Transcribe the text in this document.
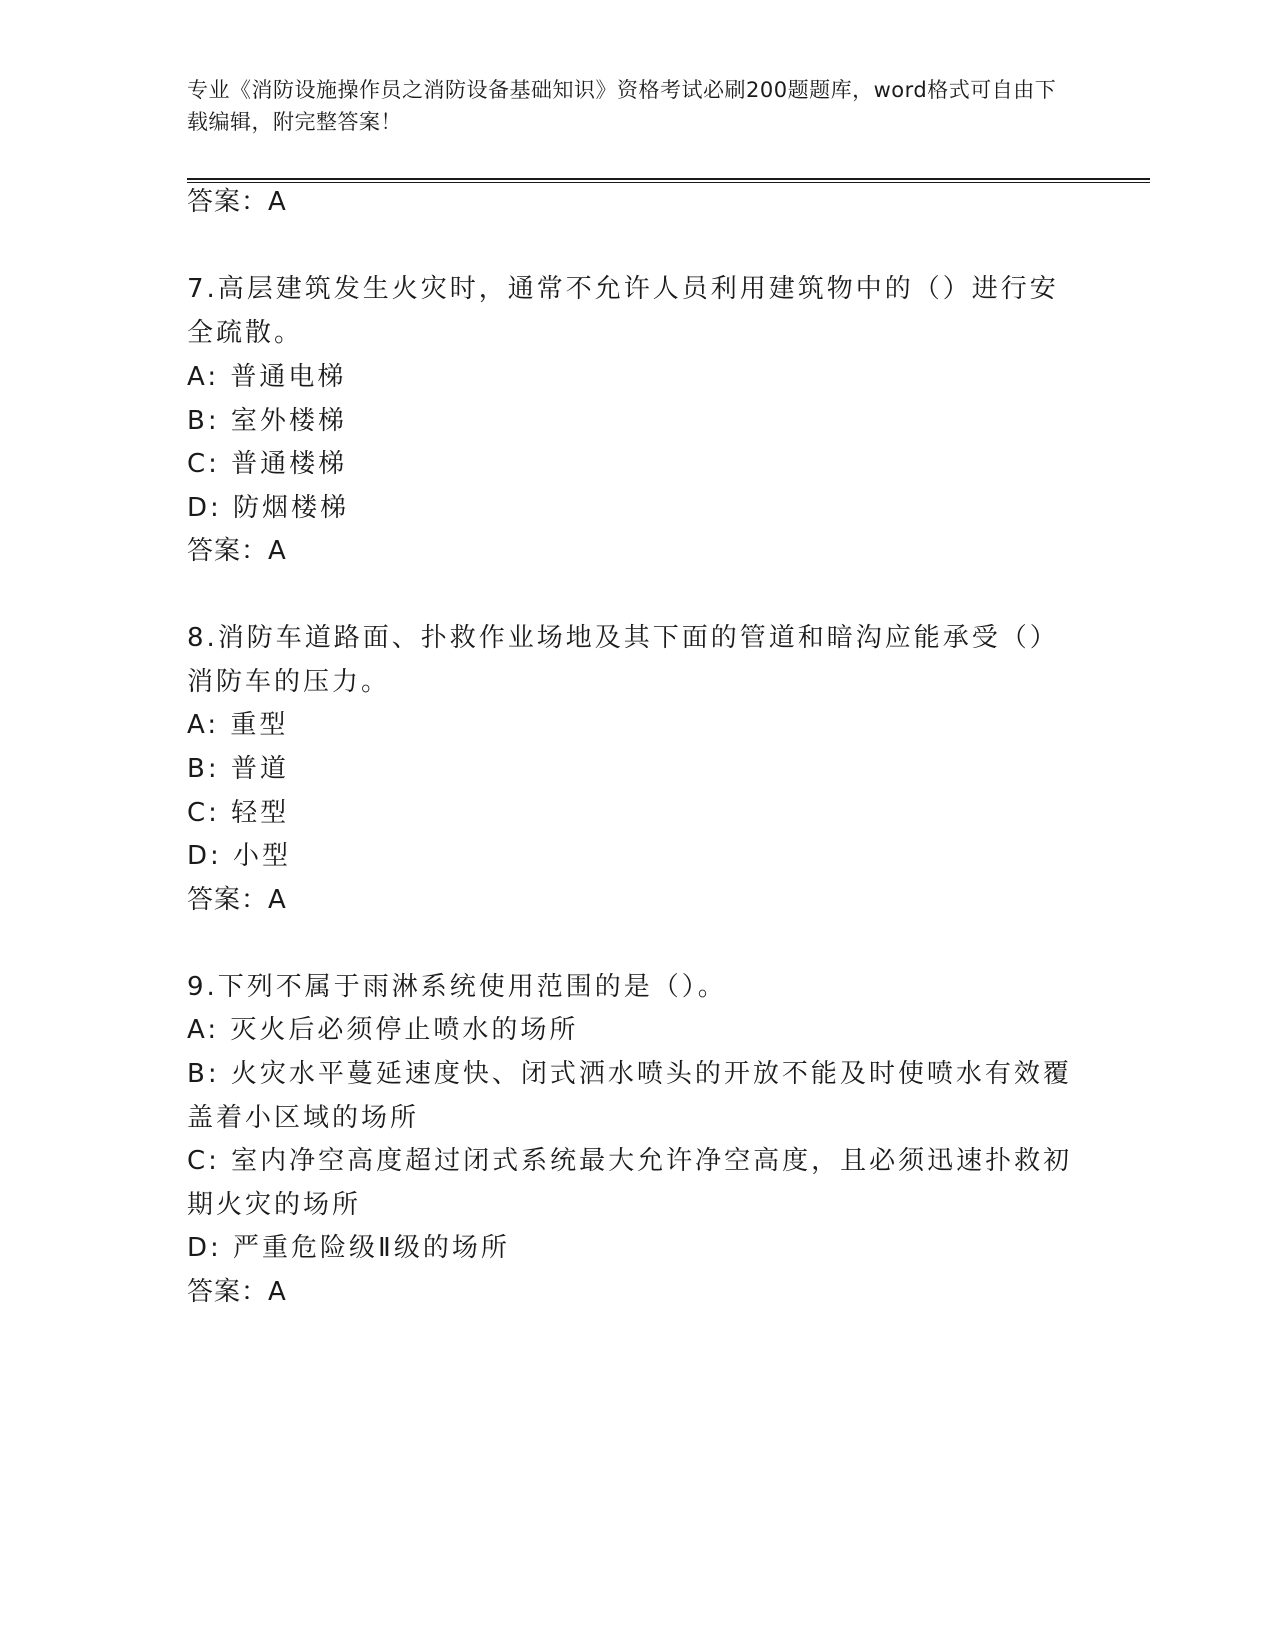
专业《消防设施操作员之消防设备基础知识》资格考试必刷200题题库，word格式可自由下载编辑，附完整答案！
答案：A
7.高层建筑发生火灾时，通常不允许人员利用建筑物中的（）进行安
全疏散。
A: 普通电梯
B: 室外楼梯
C: 普通楼梯
D: 防烟楼梯
答案：A
8.消防车道路面、扑救作业场地及其下面的管道和暗沟应能承受（）
消防车的压力。
A: 重型
B: 普道
C: 轻型
D: 小型
答案：A
9.下列不属于雨淋系统使用范围的是（）。
A: 灭火后必须停止喷水的场所
B: 火灾水平蔓延速度快、闭式洒水喷头的开放不能及时使喷水有效覆
盖着小区域的场所
C: 室内净空高度超过闭式系统最大允许净空高度，且必须迅速扑救初
期火灾的场所
D: 严重危险级Ⅱ级的场所
答案：A
